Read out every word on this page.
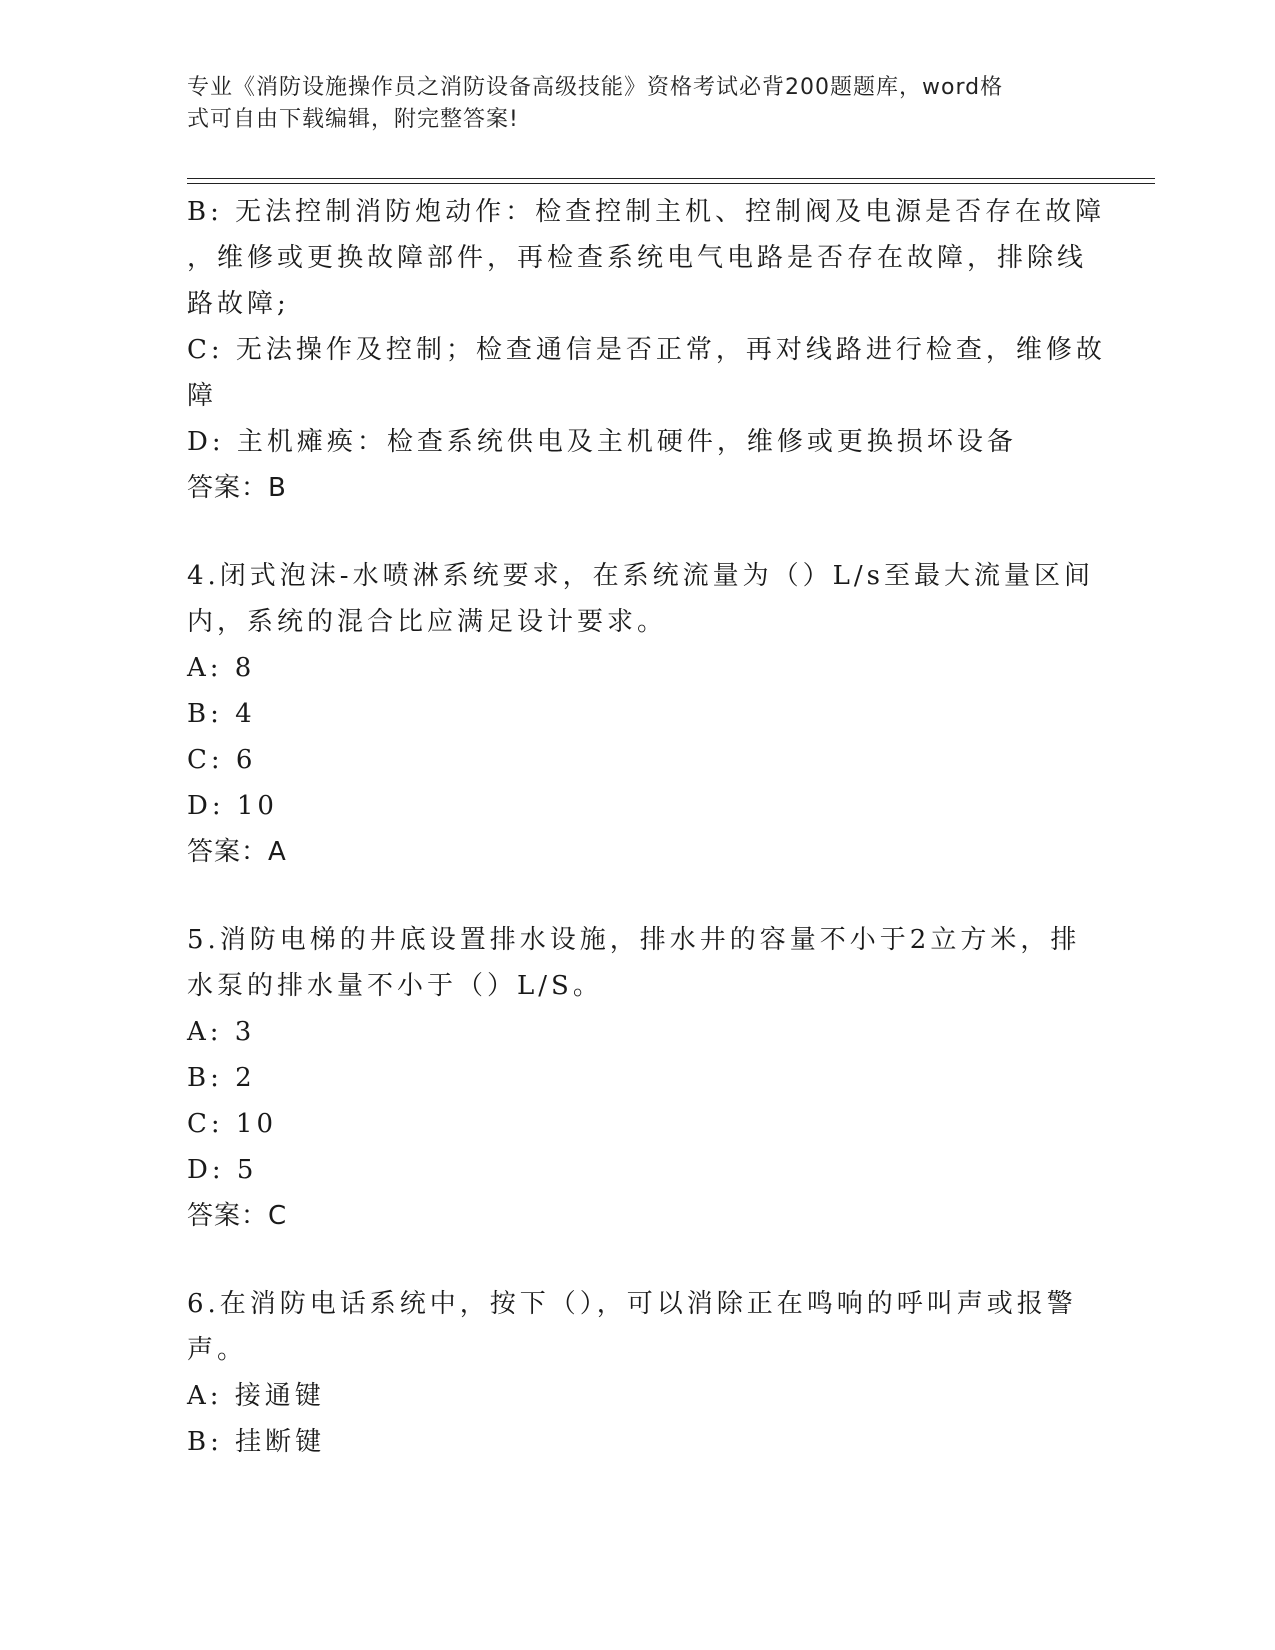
专业《消防设施操作员之消防设备高级技能》资格考试必背200题题库，word格
式可自由下载编辑，附完整答案!
B: 无法控制消防炮动作：检查控制主机、控制阀及电源是否存在故障
，维修或更换故障部件，再检查系统电气电路是否存在故障，排除线
路故障;
C: 无法操作及控制；检查通信是否正常，再对线路进行检查，维修故
障
D: 主机瘫痪：检查系统供电及主机硬件，维修或更换损坏设备
答案：B
4.闭式泡沫-水喷淋系统要求，在系统流量为（）L/s至最大流量区间
内，系统的混合比应满足设计要求。
A: 8
B: 4
C: 6
D: 10
答案：A
5.消防电梯的井底设置排水设施，排水井的容量不小于2立方米，排
水泵的排水量不小于（）L/S。
A: 3
B: 2
C: 10
D: 5
答案：C
6.在消防电话系统中，按下（），可以消除正在鸣响的呼叫声或报警
声。
A: 接通键
B: 挂断键
